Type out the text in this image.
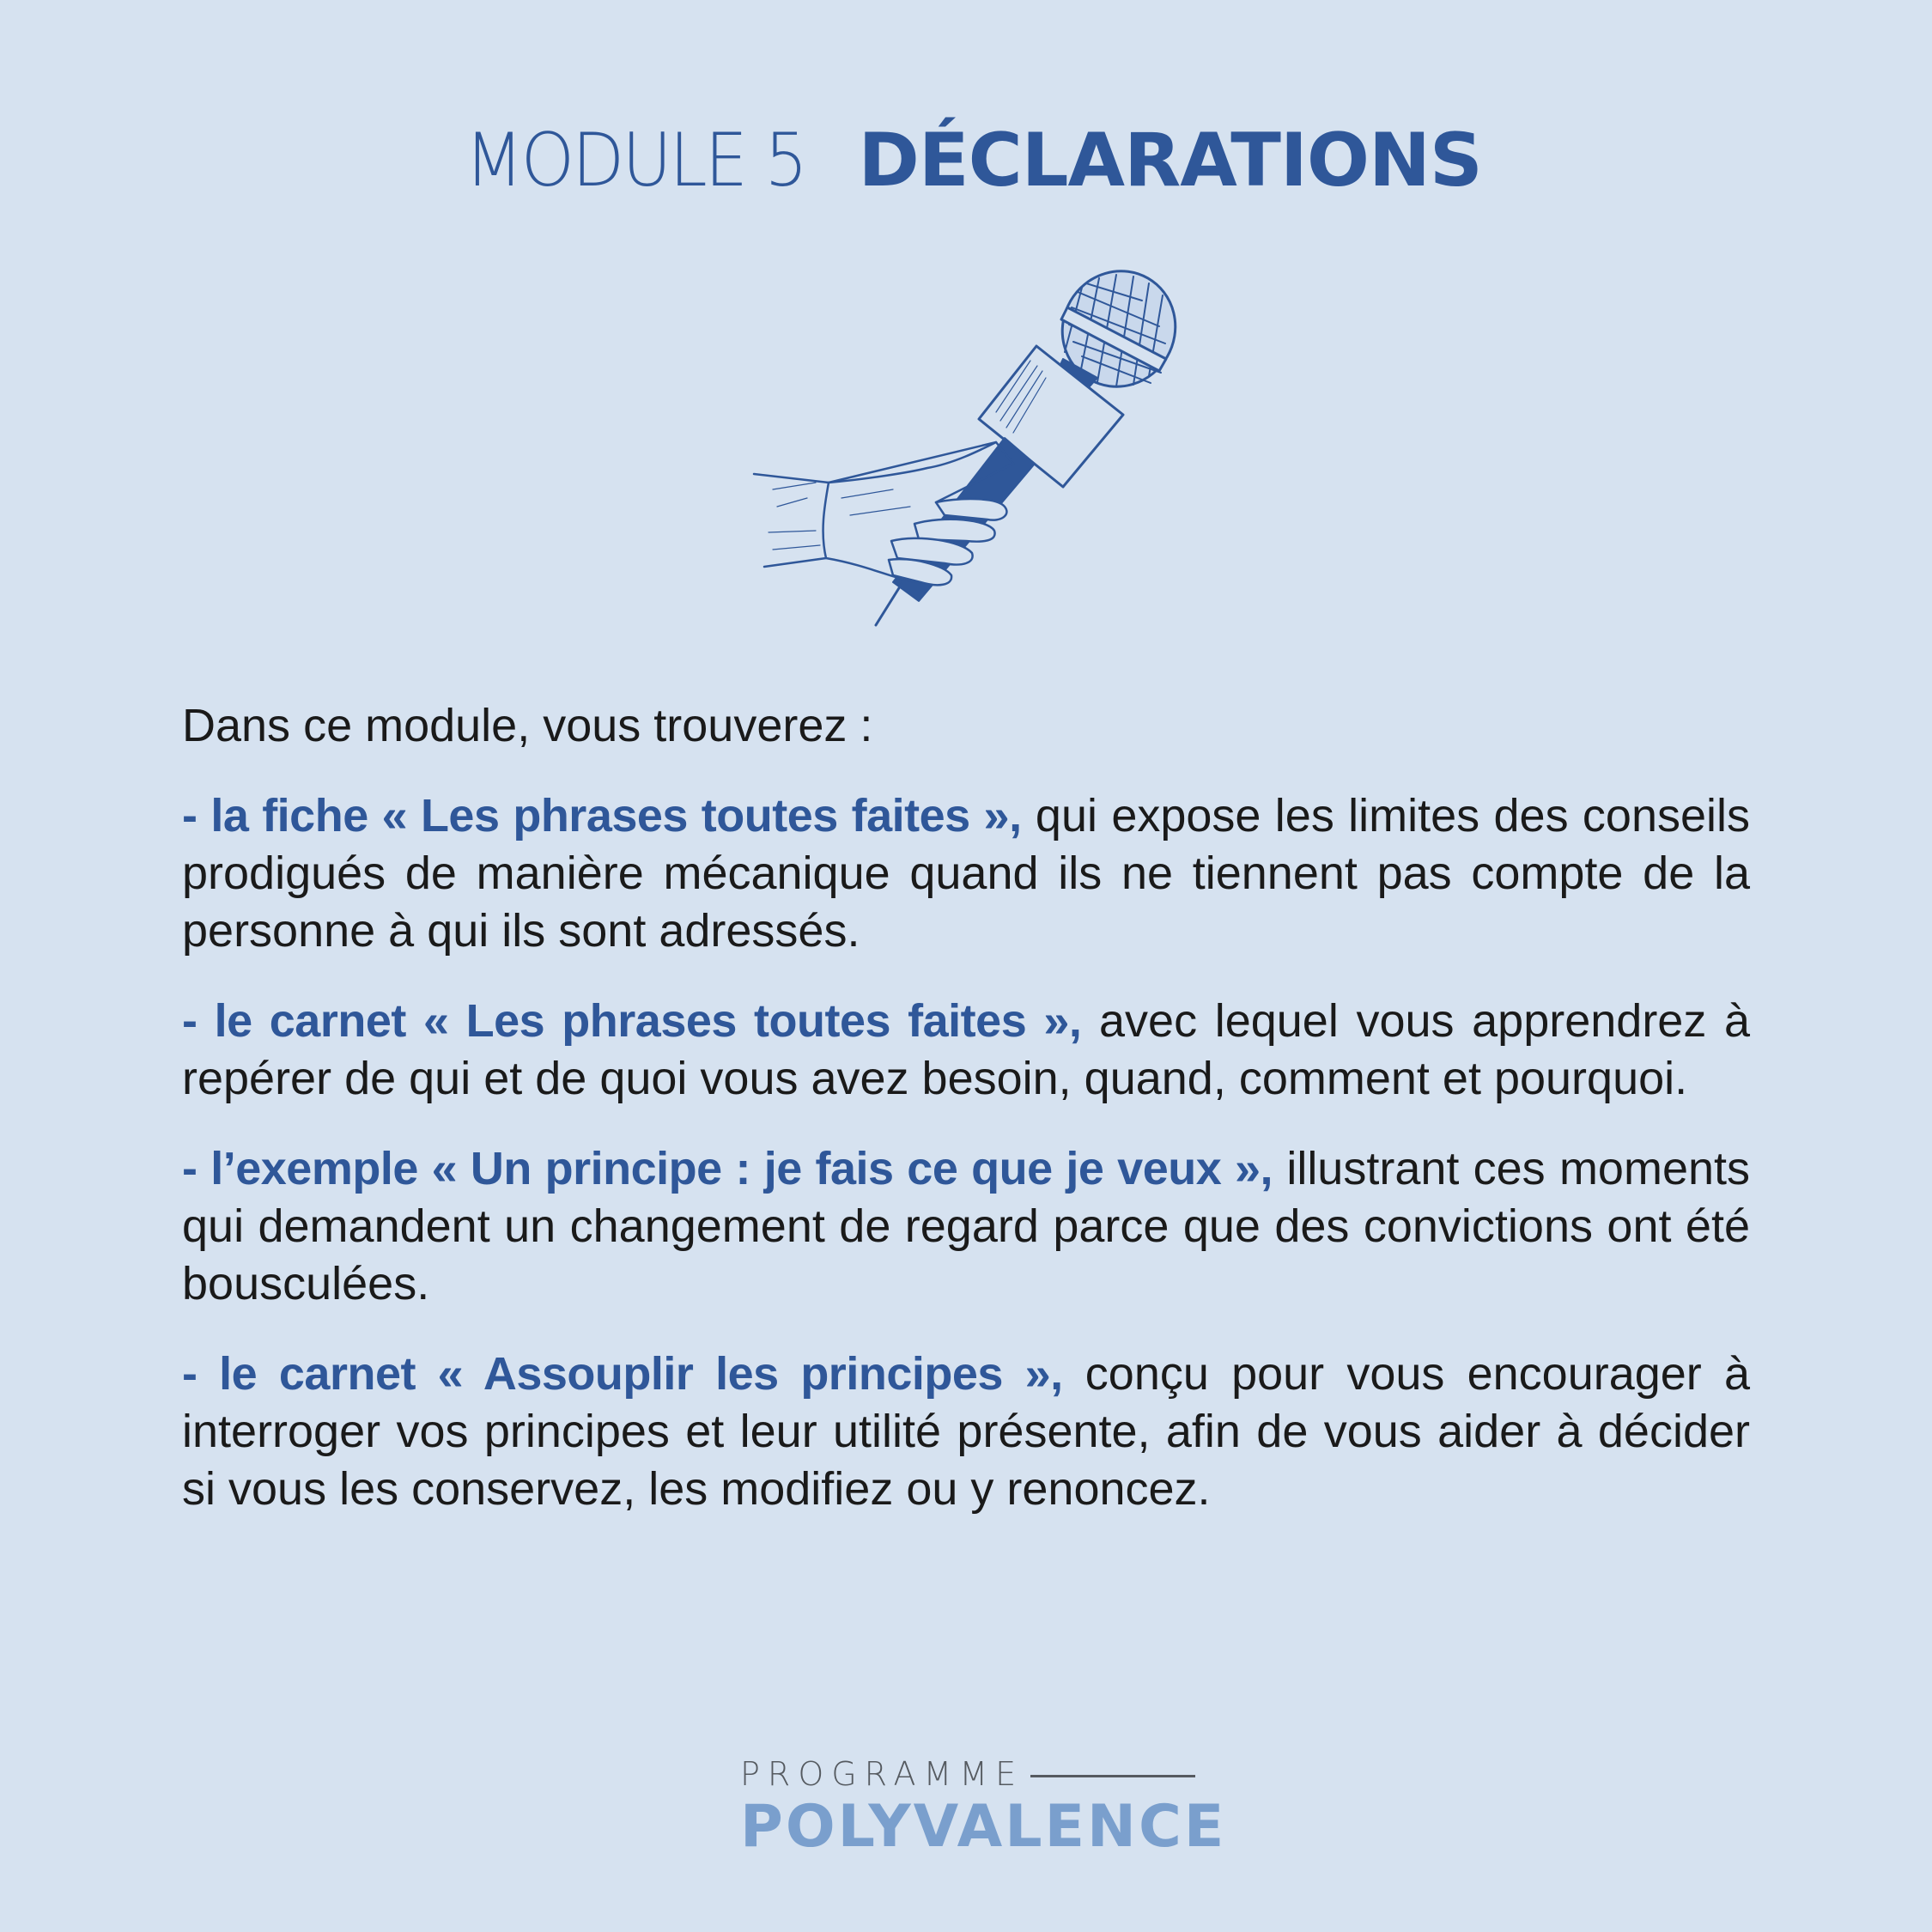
MODULE 5 DÉCLARATIONS

Dans ce module, vous trouverez :

- la fiche « Les phrases toutes faites », qui expose les limites des conseils prodigués de manière mécanique quand ils ne tiennent pas compte de la personne à qui ils sont adressés.

- le carnet « Les phrases toutes faites », avec lequel vous apprendrez à repérer de qui et de quoi vous avez besoin, quand, comment et pourquoi.

- l’exemple « Un principe : je fais ce que je veux », illustrant ces moments qui demandent un changement de regard parce que des convictions ont été bousculées.

- le carnet « Assouplir les principes », conçu pour vous encourager à interroger vos principes et leur utilité présente, afin de vous aider à décider si vous les conservez, les modifiez ou y renoncez.

PROGRAMME
POLYVALENCE
